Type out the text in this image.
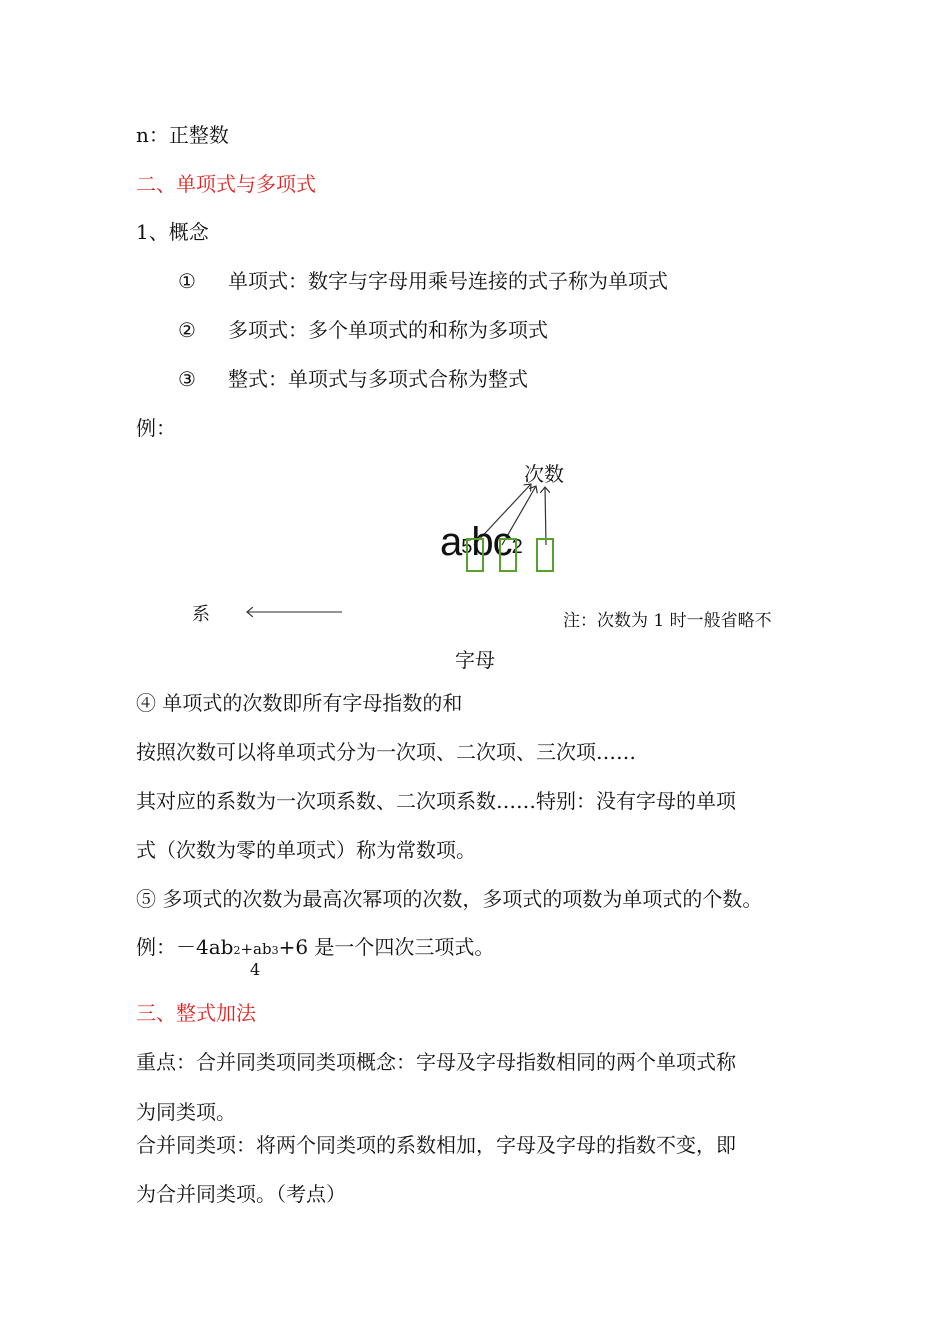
n：正整数
二、单项式与多项式
1、概念
① 单项式：数字与字母用乘号连接的式子称为单项式
② 多项式：多个单项式的和称为多项式
③ 整式：单项式与多项式合称为整式
例：
次数
$a_5bc_2$
系	注：次数为 1 时一般省略不
字母
④ 单项式的次数即所有字母指数的和
按照次数可以将单项式分为一次项、二次项、三次项……
其对应的系数为一次项系数、二次项系数……特别：没有字母的单项
式（次数为零的单项式）称为常数项。
⑤ 多项式的次数为最高次幂项的次数，多项式的项数为单项式的个数。
例：－4ab2+ab3+6 是一个四次三项式。
4
三、整式加法
重点：合并同类项同类项概念：字母及字母指数相同的两个单项式称
为同类项。
合并同类项：将两个同类项的系数相加，字母及字母的指数不变，即
为合并同类项。（考点）
